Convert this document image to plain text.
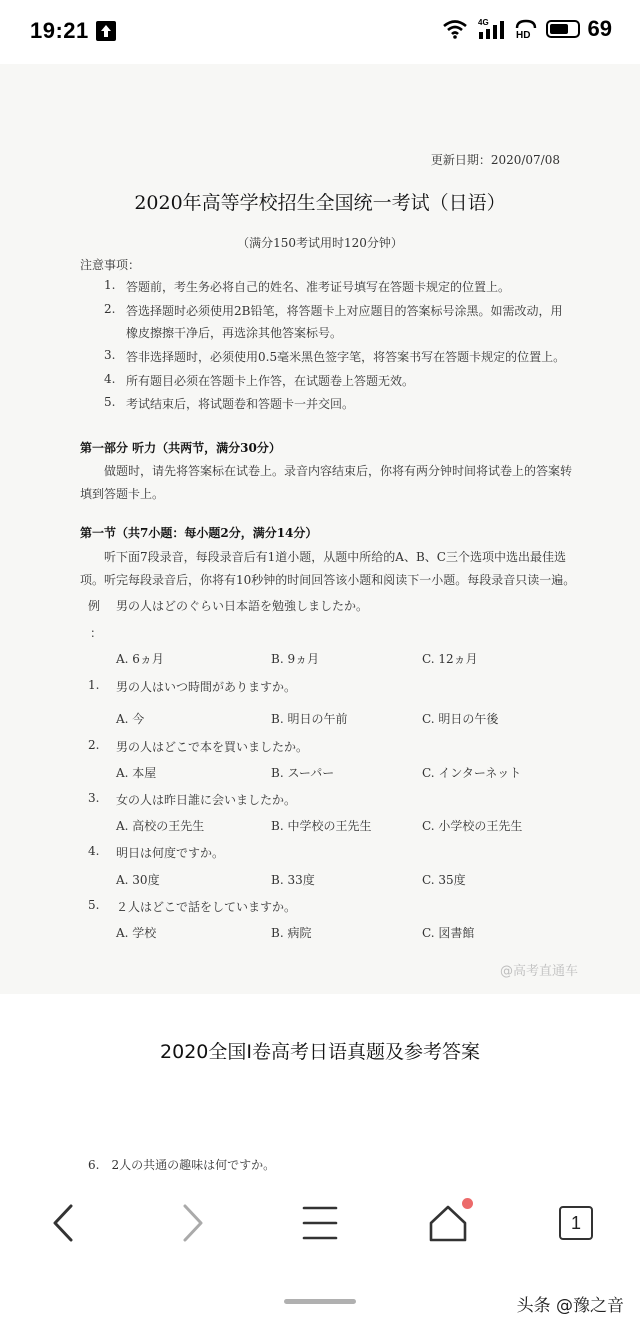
19:21	4G
HD	69
更新日期：2020/07/08
2020年高等学校招生全国统一考试（日语）
（满分150考试用时120分钟）
注意事项：
1. 答题前，考生务必将自己的姓名、准考证号填写在答题卡规定的位置上。
2. 答选择题时必须使用2B铅笔，将答题卡上对应题目的答案标号涂黑。如需改动，用
橡皮擦擦干净后，再选涂其他答案标号。
3. 答非选择题时，必须使用0.5毫米黑色签字笔，将答案书写在答题卡规定的位置上。
4. 所有题目必须在答题卡上作答，在试题卷上答题无效。
5. 考试结束后，将试题卷和答题卡一并交回。
第一部分 听力（共两节，满分30分）
做题时，请先将答案标在试卷上。录音内容结束后，你将有两分钟时间将试卷上的答案转
填到答题卡上。
第一节（共7小题：每小题2分，满分14分）
听下面7段录音，每段录音后有1道小题，从题中所给的A、B、C三个选项中选出最佳选
项。听完每段录音后，你将有10秒钟的时间回答该小题和阅读下一小题。每段录音只读一遍。
例 男の人はどのぐらい日本語を勉強しましたか。
：
A. 6ヵ月	B. 9ヵ月	C. 12ヵ月
1. 男の人はいつ時間がありますか。
A. 今	B. 明日の午前	C. 明日の午後
2. 男の人はどこで本を買いましたか。
A. 本屋	B. スーパー	C. インターネット
3. 女の人は昨日誰に会いましたか。
A. 高校の王先生	B. 中学校の王先生	C. 小学校の王先生
4. 明日は何度ですか。
A. 30度	B. 33度	C. 35度
5. ２人はどこで話をしていますか。
A. 学校	B. 病院	C. 図書館
@高考直通车
2020全国I卷高考日语真题及参考答案
6.　2人の共通の趣味は何ですか。
1
头条 @豫之音
